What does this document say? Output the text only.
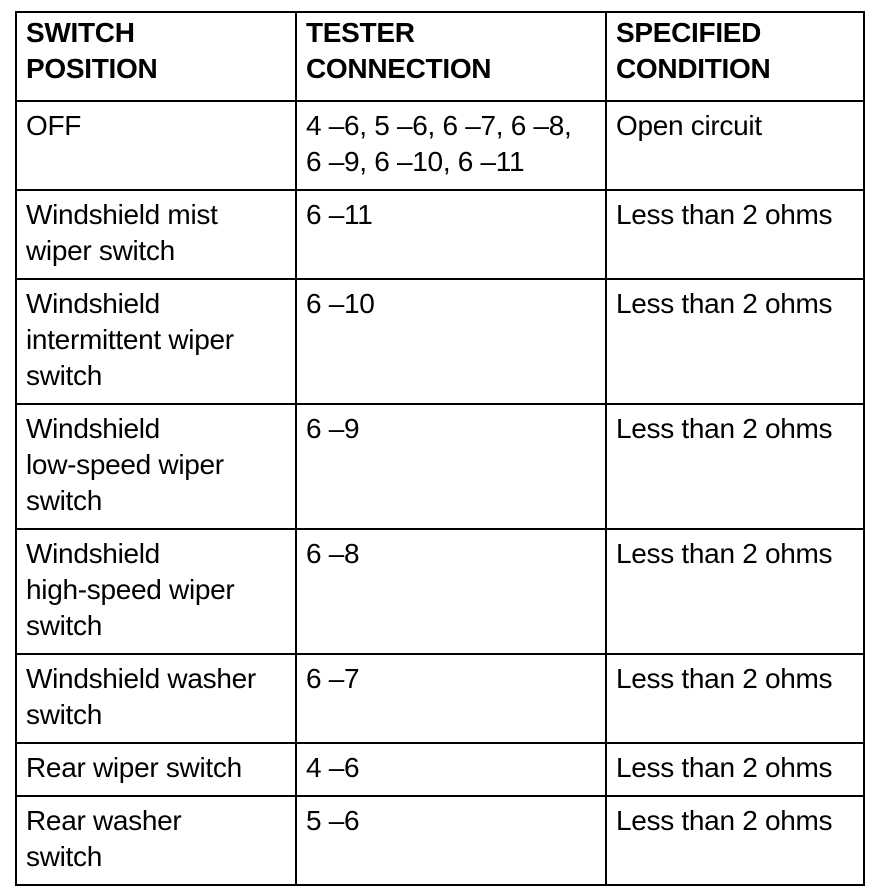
SWITCH
POSITION	TESTER
CONNECTION	SPECIFIED
CONDITION

OFF	4 –6, 5 –6, 6 –7, 6 –8,
6 –9, 6 –10, 6 –11	Open circuit

Windshield mist
wiper switch	6 –11	Less than 2 ohms

Windshield
intermittent wiper
switch	6 –10	Less than 2 ohms

Windshield
low-speed wiper
switch	6 –9	Less than 2 ohms

Windshield
high-speed wiper
switch	6 –8	Less than 2 ohms

Windshield washer
switch	6 –7	Less than 2 ohms

Rear wiper switch	4 –6	Less than 2 ohms

Rear washer
switch	5 –6	Less than 2 ohms
